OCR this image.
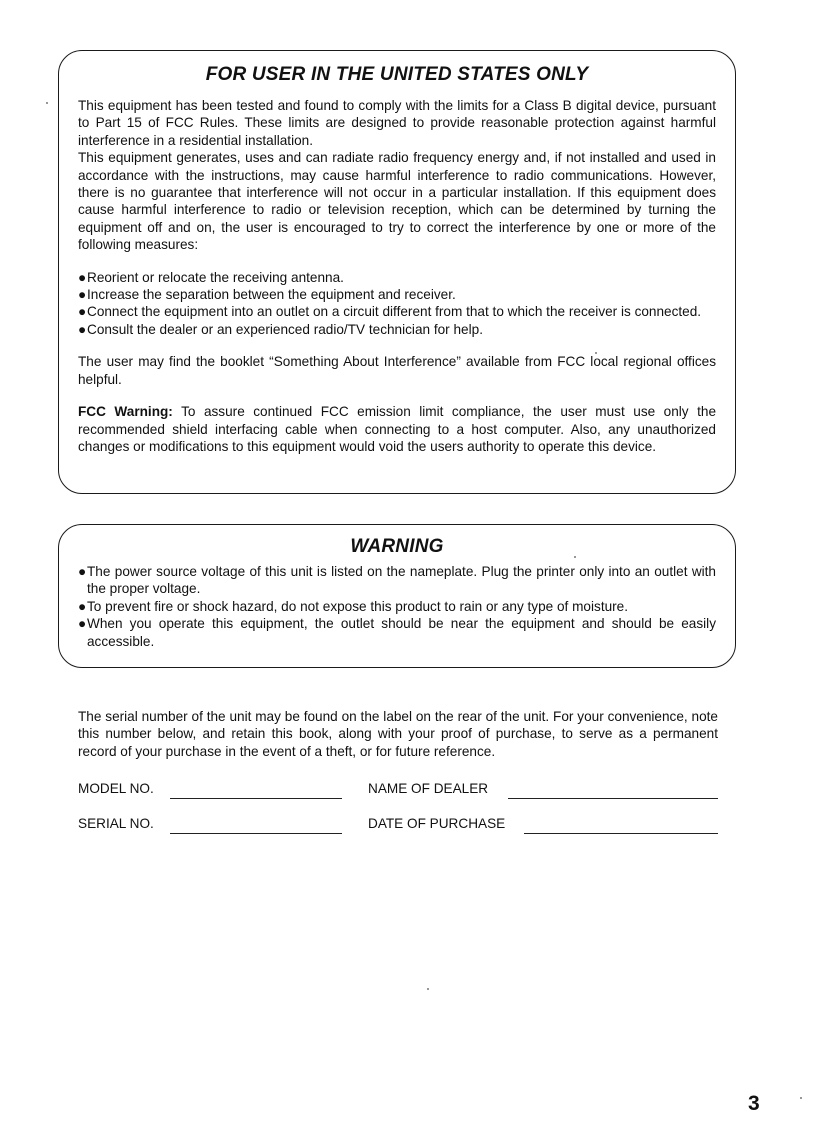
FOR USER IN THE UNITED STATES ONLY

This equipment has been tested and found to comply with the limits for a Class B digital device, pursuant to Part 15 of FCC Rules. These limits are designed to provide reasonable protection against harmful interference in a residential installation.

This equipment generates, uses and can radiate radio frequency energy and, if not installed and used in accordance with the instructions, may cause harmful interference to radio communications. However, there is no guarantee that interference will not occur in a particular installation. If this equipment does cause harmful interference to radio or television reception, which can be determined by turning the equipment off and on, the user is encouraged to try to correct the interference by one or more of the following measures:

● Reorient or relocate the receiving antenna.
● Increase the separation between the equipment and receiver.
● Connect the equipment into an outlet on a circuit different from that to which the receiver is connected.
● Consult the dealer or an experienced radio/TV technician for help.

The user may find the booklet “Something About Interference” available from FCC local regional offices helpful.

FCC Warning: To assure continued FCC emission limit compliance, the user must use only the recommended shield interfacing cable when connecting to a host computer. Also, any unauthorized changes or modifications to this equipment would void the users authority to operate this device.

WARNING
● The power source voltage of this unit is listed on the nameplate. Plug the printer only into an outlet with the proper voltage.
● To prevent fire or shock hazard, do not expose this product to rain or any type of moisture.
● When you operate this equipment, the outlet should be near the equipment and should be easily accessible.

The serial number of the unit may be found on the label on the rear of the unit. For your convenience, note this number below, and retain this book, along with your proof of purchase, to serve as a permanent record of your purchase in the event of a theft, or for future reference.

MODEL NO.	NAME OF DEALER
SERIAL NO.	DATE OF PURCHASE
3
